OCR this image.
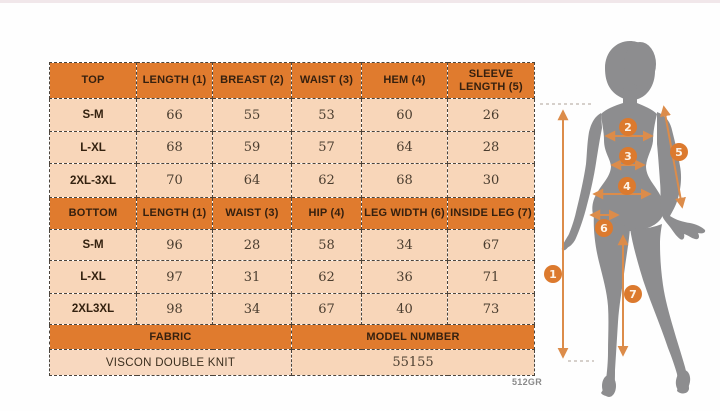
TOP	LENGTH (1)	BREAST (2)	WAIST (3)	HEM (4)	SLEEVE LENGTH (5)
S-M	66	55	53	60	26
L-XL	68	59	57	64	28
2XL-3XL	70	64	62	68	30
BOTTOM	LENGTH (1)	WAIST (3)	HIP (4)	LEG WIDTH (6)	INSIDE LEG (7)
S-M	96	28	58	34	67
L-XL	97	31	62	36	71
2XL3XL	98	34	67	40	73
FABRIC			MODEL NUMBER		
VISCON DOUBLE KNIT			55155		
512GR
1
2
3
4
5
6
7
